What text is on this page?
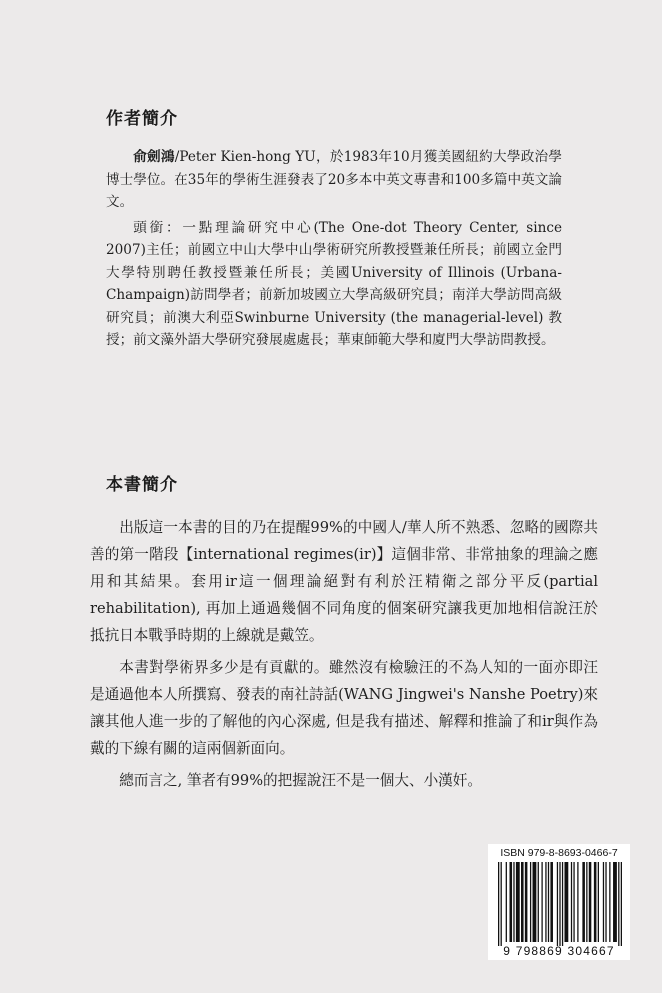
作者簡介

俞劍鴻/Peter Kien-hong YU，於1983年10月獲美國紐約大學政治學博士學位。在35年的學術生涯發表了20多本中英文專書和100多篇中英文論文。

頭銜：一點理論研究中心(The One-dot Theory Center, since 2007)主任；前國立中山大學中山學術研究所教授暨兼任所長；前國立金門大學特別聘任教授暨兼任所長；美國University of Illinois (Urbana-Champaign)訪問學者；前新加坡國立大學高級研究員；南洋大學訪問高級研究員；前澳大利亞Swinburne University (the managerial-level) 教授；前文藻外語大學研究發展處處長；華東師範大學和廈門大學訪問教授。

本書簡介

出版這一本書的目的乃在提醒99%的中國人/華人所不熟悉、忽略的國際共善的第一階段【international regimes(ir)】這個非常、非常抽象的理論之應用和其結果。套用ir這一個理論絕對有利於汪精衛之部分平反(partial rehabilitation), 再加上通過幾個不同角度的個案研究讓我更加地相信說汪於抵抗日本戰爭時期的上線就是戴笠。

本書對學術界多少是有貢獻的。雖然沒有檢驗汪的不為人知的一面亦即汪是通過他本人所撰寫、發表的南社詩話(WANG Jingwei's Nanshe Poetry)來讓其他人進一步的了解他的內心深處, 但是我有描述、解釋和推論了和ir與作為戴的下線有關的這兩個新面向。

總而言之, 筆者有99%的把握說汪不是一個大、小漢奸。

ISBN 979-8-8693-0466-7
9 798869 304667
